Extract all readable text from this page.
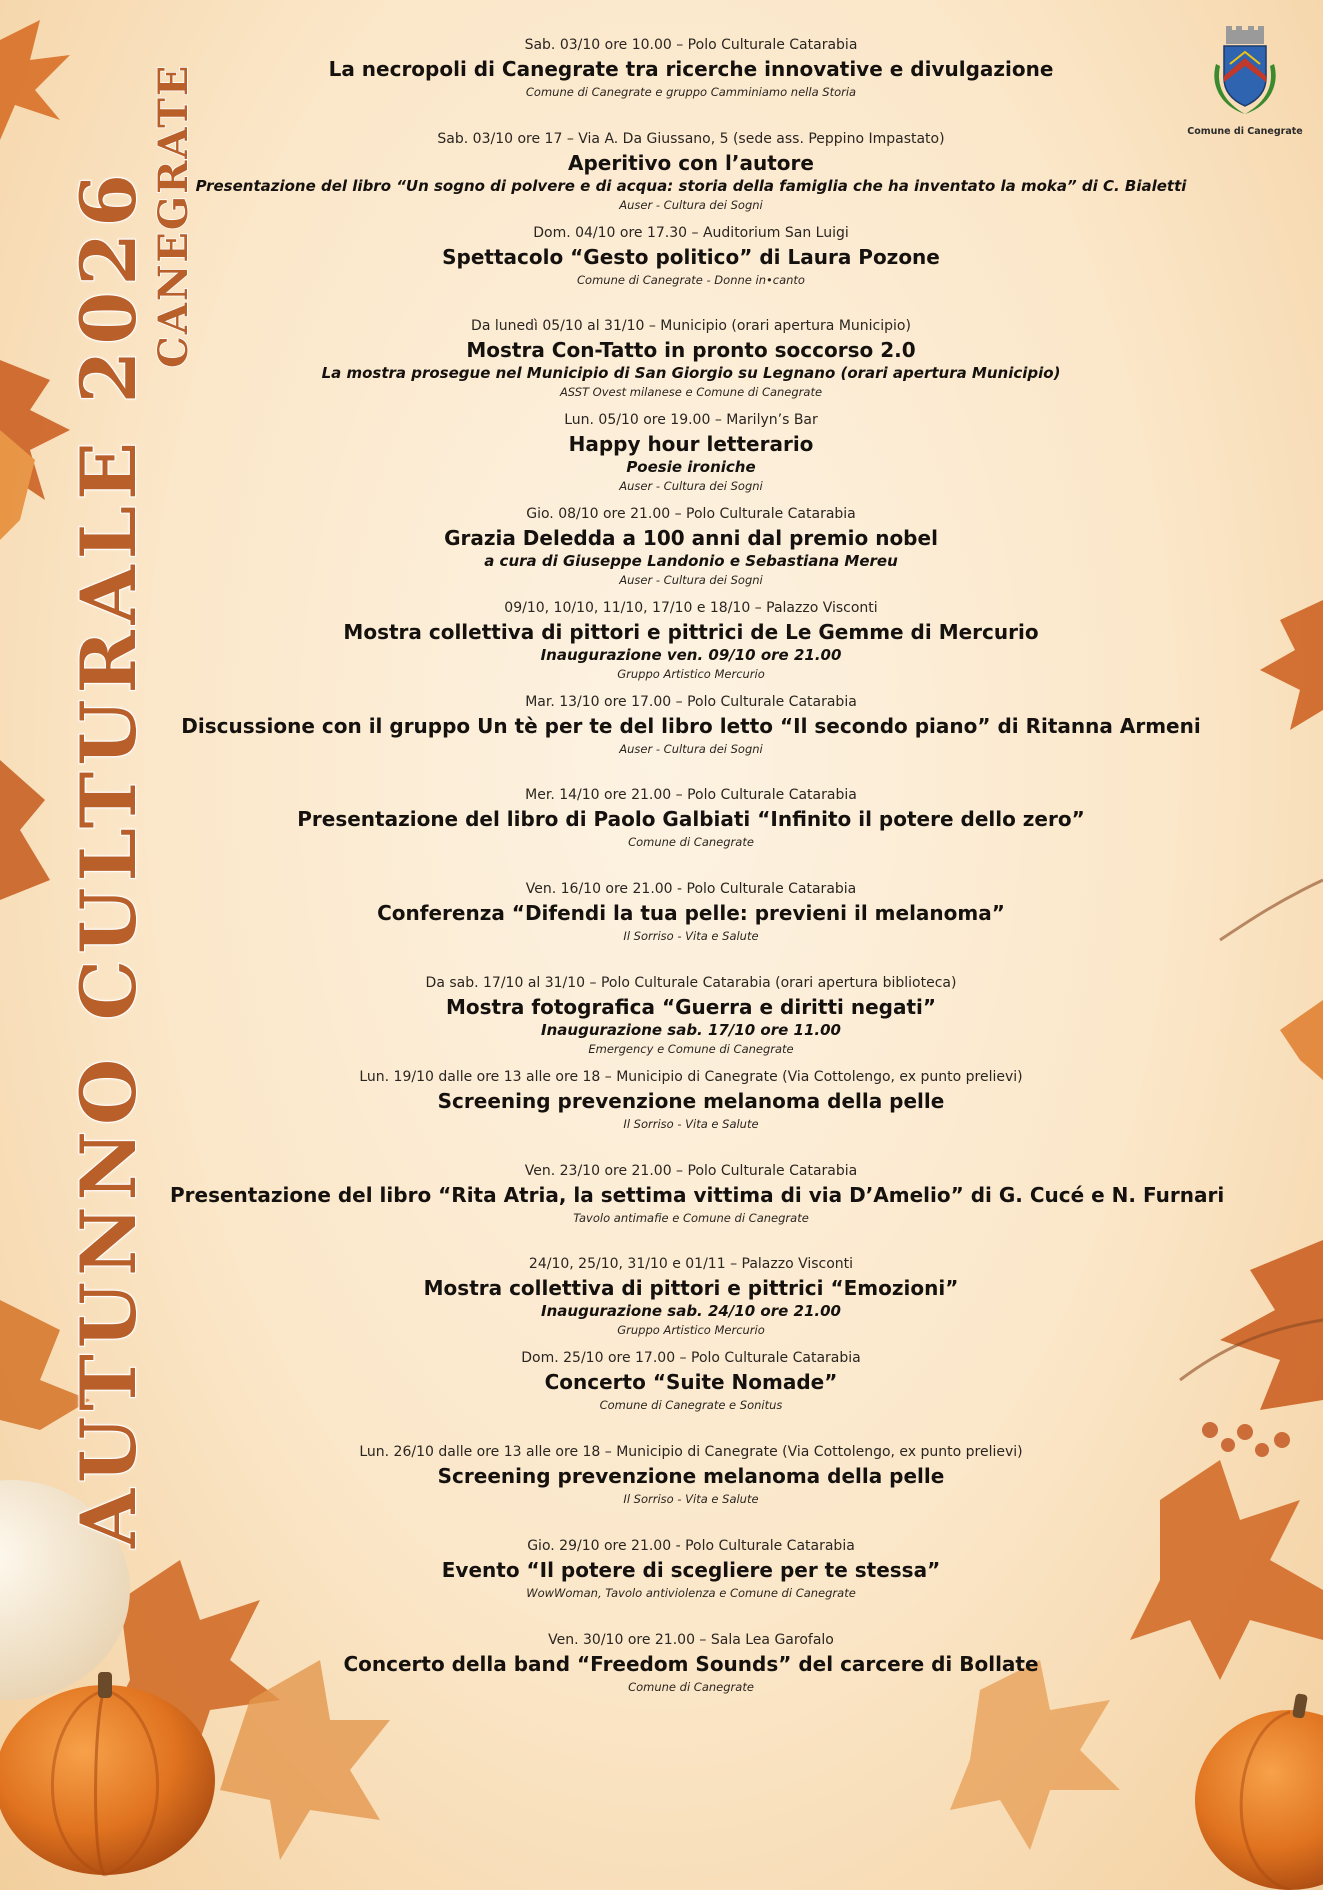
AUTUNNO CULTURALE 2026
CANEGRATE	Comune di Canegrate
Sab. 03/10 ore 10.00 – Polo Culturale Catarabia
La necropoli di Canegrate tra ricerche innovative e divulgazione
Comune di Canegrate e gruppo Camminiamo nella Storia
Sab. 03/10 ore 17 – Via A. Da Giussano, 5 (sede ass. Peppino Impastato)
Aperitivo con l’autore
Presentazione del libro “Un sogno di polvere e di acqua: storia della famiglia che ha inventato la moka” di C. Bialetti
Auser - Cultura dei Sogni
Dom. 04/10 ore 17.30 – Auditorium San Luigi
Spettacolo “Gesto politico” di Laura Pozone
Comune di Canegrate - Donne in•canto
Da lunedì 05/10 al 31/10 – Municipio (orari apertura Municipio)
Mostra Con-Tatto in pronto soccorso 2.0
La mostra prosegue nel Municipio di San Giorgio su Legnano (orari apertura Municipio)
ASST Ovest milanese e Comune di Canegrate
Lun. 05/10 ore 19.00 – Marilyn’s Bar
Happy hour letterario
Poesie ironiche
Auser - Cultura dei Sogni
Gio. 08/10 ore 21.00 – Polo Culturale Catarabia
Grazia Deledda a 100 anni dal premio nobel
a cura di Giuseppe Landonio e Sebastiana Mereu
Auser - Cultura dei Sogni
09/10, 10/10, 11/10, 17/10 e 18/10 – Palazzo Visconti
Mostra collettiva di pittori e pittrici de Le Gemme di Mercurio
Inaugurazione ven. 09/10 ore 21.00
Gruppo Artistico Mercurio
Mar. 13/10 ore 17.00 – Polo Culturale Catarabia
Discussione con il gruppo Un tè per te del libro letto “Il secondo piano” di Ritanna Armeni
Auser - Cultura dei Sogni
Mer. 14/10 ore 21.00 – Polo Culturale Catarabia
Presentazione del libro di Paolo Galbiati “Infinito il potere dello zero”
Comune di Canegrate
Ven. 16/10 ore 21.00 - Polo Culturale Catarabia
Conferenza “Difendi la tua pelle: previeni il melanoma”
Il Sorriso - Vita e Salute
Da sab. 17/10 al 31/10 – Polo Culturale Catarabia (orari apertura biblioteca)
Mostra fotografica “Guerra e diritti negati”
Inaugurazione sab. 17/10 ore 11.00
Emergency e Comune di Canegrate
Lun. 19/10 dalle ore 13 alle ore 18 – Municipio di Canegrate (Via Cottolengo, ex punto prelievi)
Screening prevenzione melanoma della pelle
Il Sorriso - Vita e Salute
Ven. 23/10 ore 21.00 – Polo Culturale Catarabia
Presentazione del libro “Rita Atria, la settima vittima di via D’Amelio” di G. Cucé e N. Furnari
Tavolo antimafie e Comune di Canegrate
24/10, 25/10, 31/10 e 01/11 – Palazzo Visconti
Mostra collettiva di pittori e pittrici “Emozioni”
Inaugurazione sab. 24/10 ore 21.00
Gruppo Artistico Mercurio
Dom. 25/10 ore 17.00 – Polo Culturale Catarabia
Concerto “Suite Nomade”
Comune di Canegrate e Sonitus
Lun. 26/10 dalle ore 13 alle ore 18 – Municipio di Canegrate (Via Cottolengo, ex punto prelievi)
Screening prevenzione melanoma della pelle
Il Sorriso - Vita e Salute
Gio. 29/10 ore 21.00 - Polo Culturale Catarabia
Evento “Il potere di scegliere per te stessa”
WowWoman, Tavolo antiviolenza e Comune di Canegrate
Ven. 30/10 ore 21.00 – Sala Lea Garofalo
Concerto della band “Freedom Sounds” del carcere di Bollate
Comune di Canegrate
